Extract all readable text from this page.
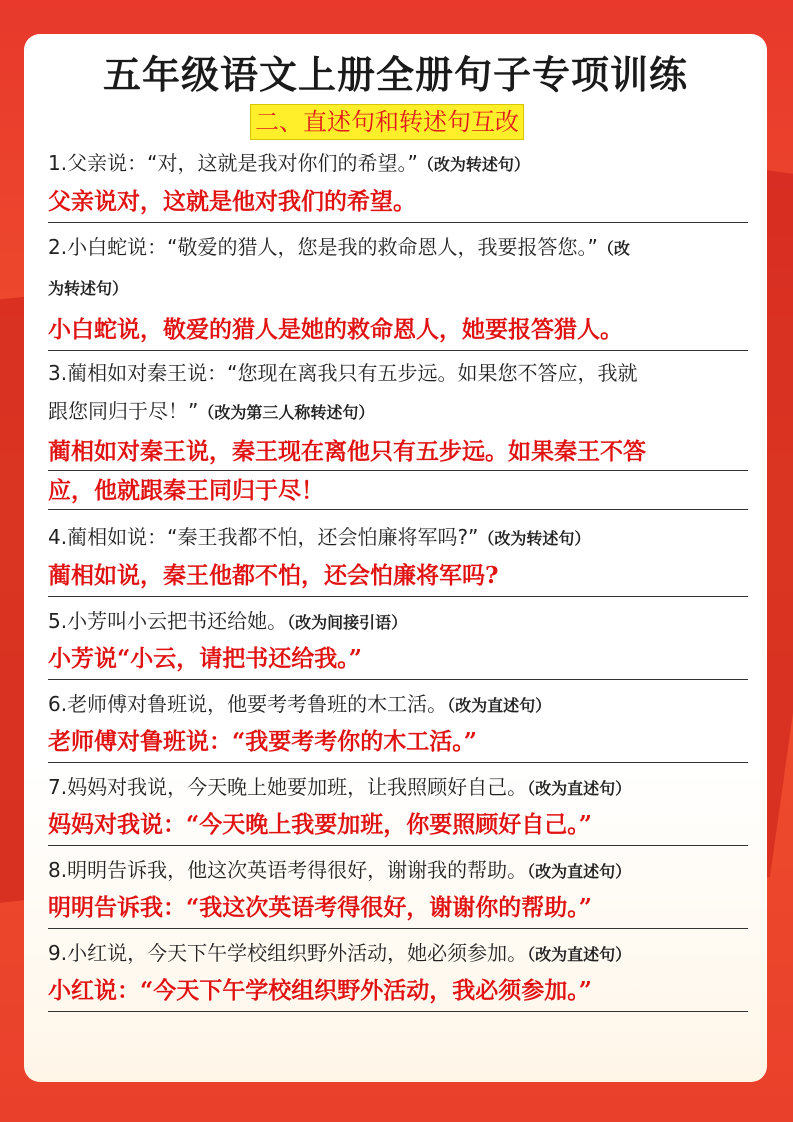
五年级语文上册全册句子专项训练
二、直述句和转述句互改
1.父亲说：“对，这就是我对你们的希望。”（改为转述句）
父亲说对，这就是他对我们的希望。
2.小白蛇说：“敬爱的猎人，您是我的救命恩人，我要报答您。”（改
为转述句）
小白蛇说，敬爱的猎人是她的救命恩人，她要报答猎人。
3.蔺相如对秦王说：“您现在离我只有五步远。如果您不答应，我就
跟您同归于尽！”（改为第三人称转述句）
蔺相如对秦王说，秦王现在离他只有五步远。如果秦王不答
应，他就跟秦王同归于尽！
4.蔺相如说：“秦王我都不怕，还会怕廉将军吗?”（改为转述句）
蔺相如说，秦王他都不怕，还会怕廉将军吗?
5.小芳叫小云把书还给她。（改为间接引语）
小芳说“小云，请把书还给我。”
6.老师傅对鲁班说，他要考考鲁班的木工活。（改为直述句）
老师傅对鲁班说：“我要考考你的木工活。”
7.妈妈对我说，今天晚上她要加班，让我照顾好自己。（改为直述句）
妈妈对我说：“今天晚上我要加班，你要照顾好自己。”
8.明明告诉我，他这次英语考得很好，谢谢我的帮助。（改为直述句）
明明告诉我：“我这次英语考得很好，谢谢你的帮助。”
9.小红说，今天下午学校组织野外活动，她必须参加。（改为直述句）
小红说：“今天下午学校组织野外活动，我必须参加。”
